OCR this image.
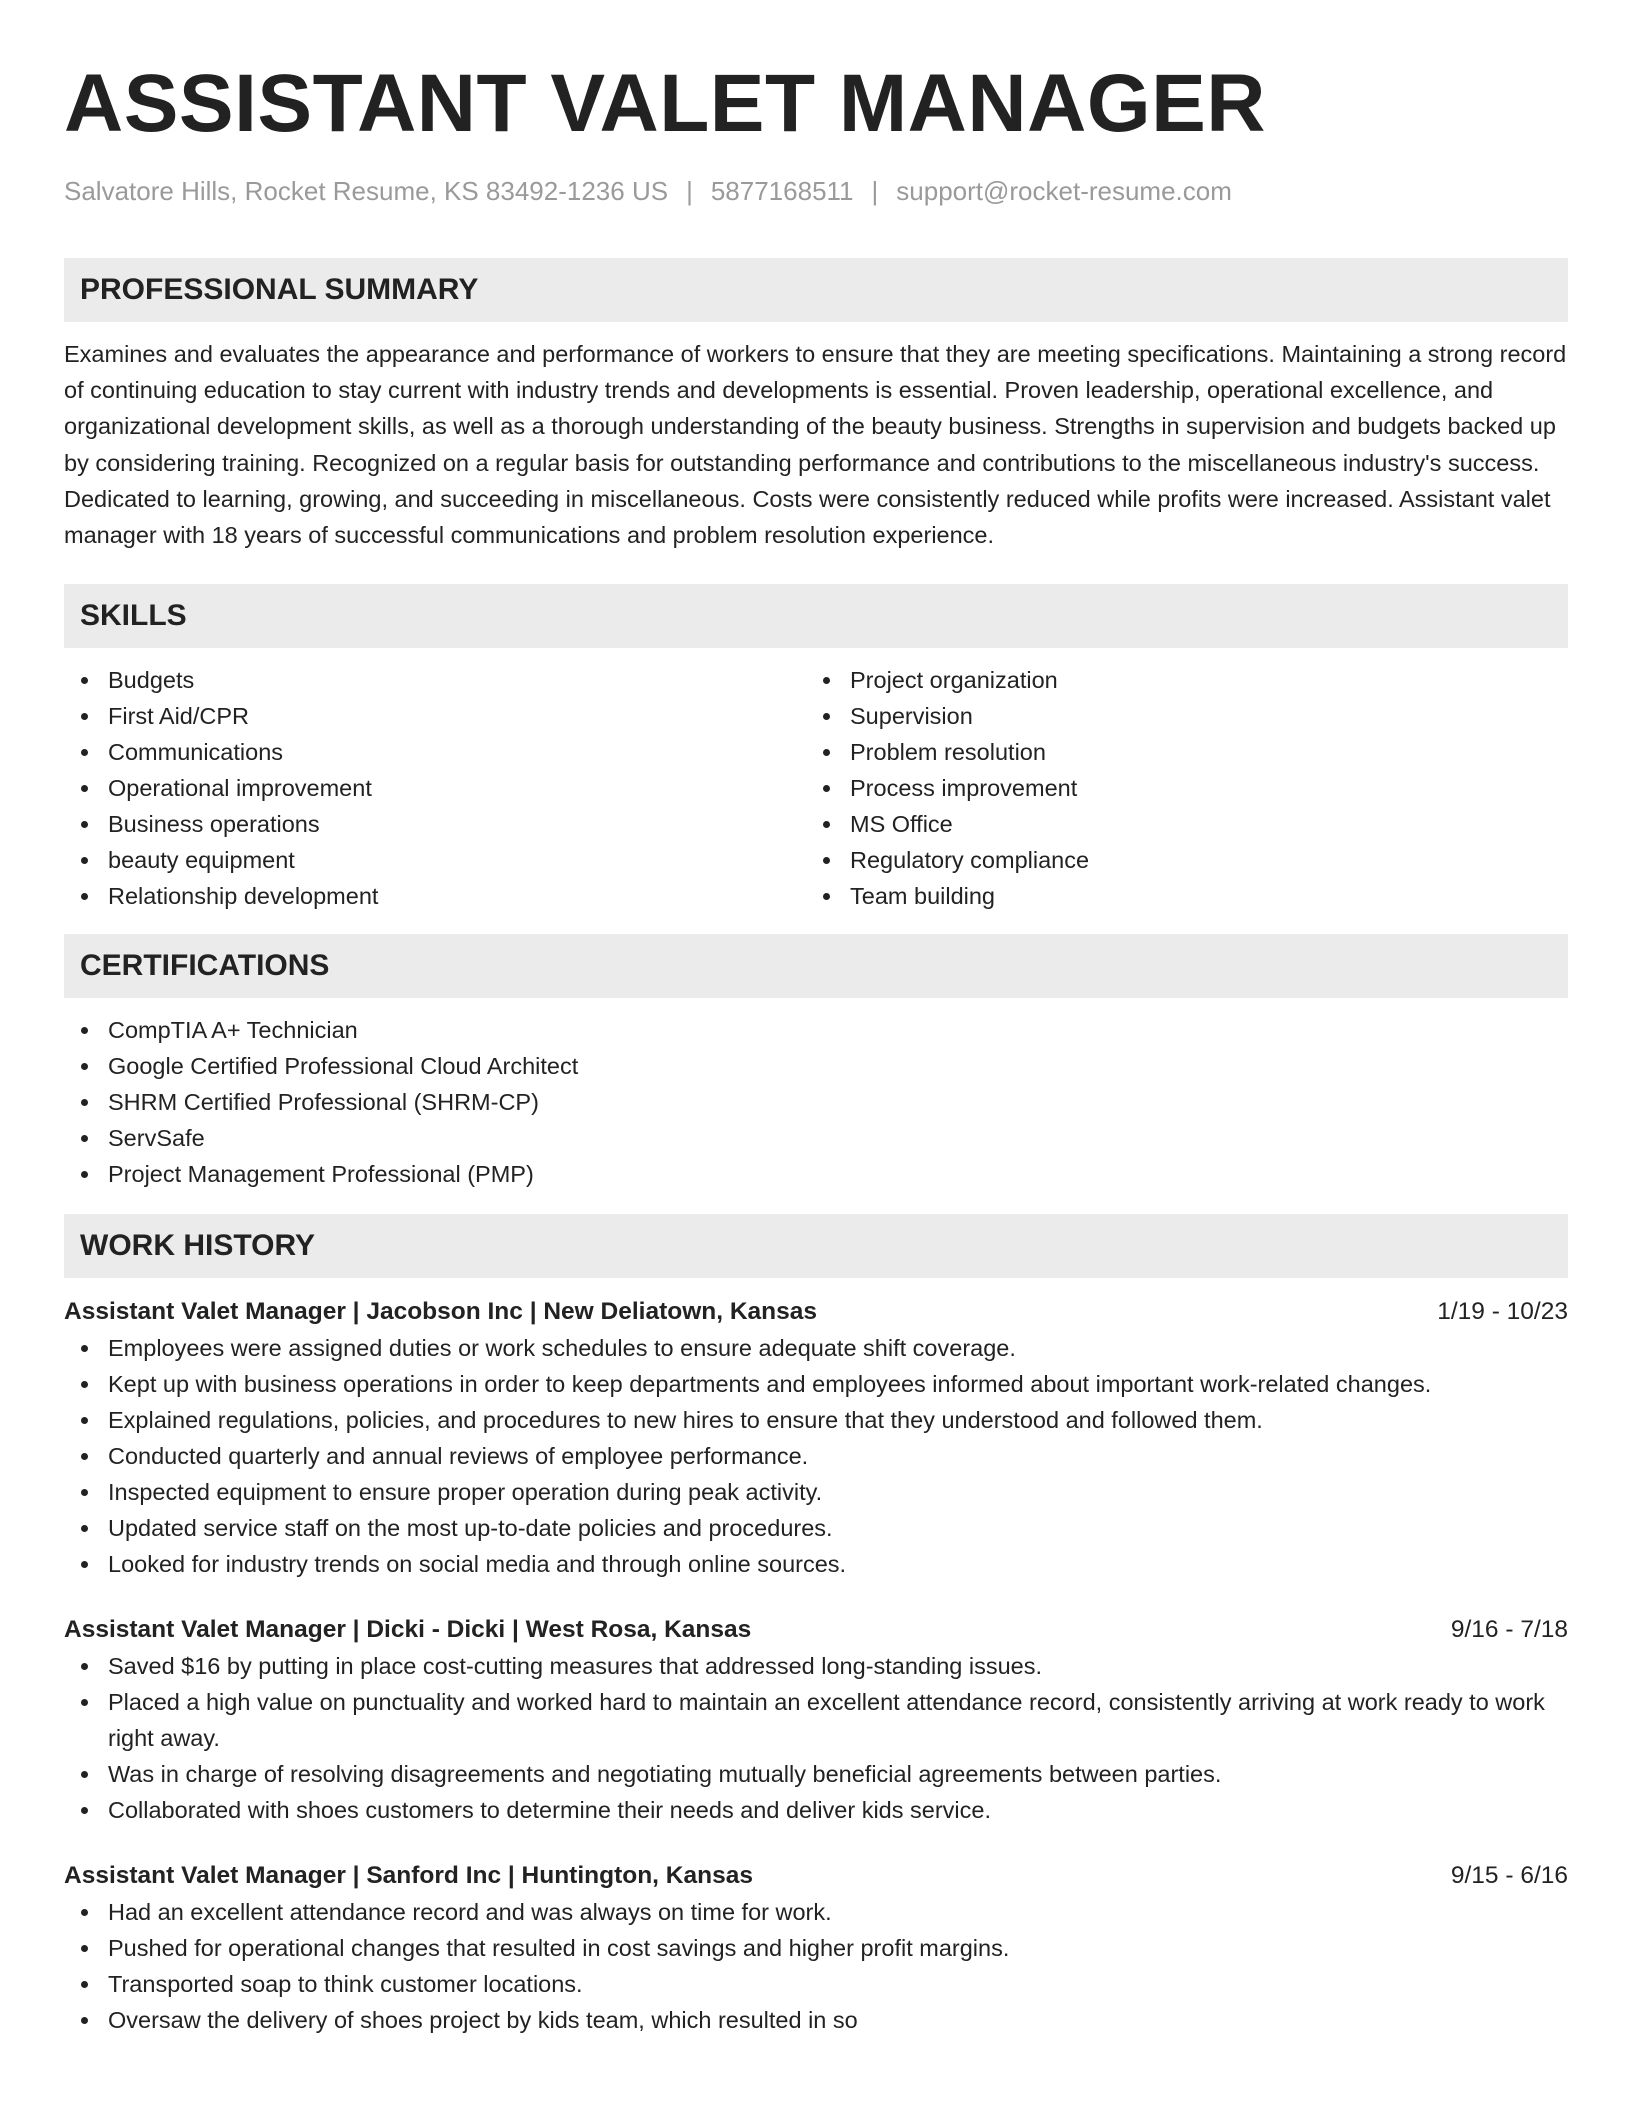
ASSISTANT VALET MANAGER
Salvatore Hills, Rocket Resume, KS 83492-1236 US | 5877168511 | support@rocket-resume.com
PROFESSIONAL SUMMARY

Examines and evaluates the appearance and performance of workers to ensure that they are meeting specifications. Maintaining a strong record of continuing education to stay current with industry trends and developments is essential. Proven leadership, operational excellence, and organizational development skills, as well as a thorough understanding of the beauty business. Strengths in supervision and budgets backed up by considering training. Recognized on a regular basis for outstanding performance and contributions to the miscellaneous industry's success. Dedicated to learning, growing, and succeeding in miscellaneous. Costs were consistently reduced while profits were increased. Assistant valet manager with 18 years of successful communications and problem resolution experience.

SKILLS
Budgets
First Aid/CPR
Communications
Operational improvement
Business operations
beauty equipment
Relationship development
Project organization
Supervision
Problem resolution
Process improvement
MS Office
Regulatory compliance
Team building
CERTIFICATIONS
CompTIA A+ Technician
Google Certified Professional Cloud Architect
SHRM Certified Professional (SHRM-CP)
ServSafe
Project Management Professional (PMP)
WORK HISTORY
Assistant Valet Manager | Jacobson Inc | New Deliatown, Kansas	1/19 - 10/23
Employees were assigned duties or work schedules to ensure adequate shift coverage.
Kept up with business operations in order to keep departments and employees informed about important work-related changes.
Explained regulations, policies, and procedures to new hires to ensure that they understood and followed them.
Conducted quarterly and annual reviews of employee performance.
Inspected equipment to ensure proper operation during peak activity.
Updated service staff on the most up-to-date policies and procedures.
Looked for industry trends on social media and through online sources.
Assistant Valet Manager | Dicki - Dicki | West Rosa, Kansas	9/16 - 7/18
Saved $16 by putting in place cost-cutting measures that addressed long-standing issues.
Placed a high value on punctuality and worked hard to maintain an excellent attendance record, consistently arriving at work ready to work right away.
Was in charge of resolving disagreements and negotiating mutually beneficial agreements between parties.
Collaborated with shoes customers to determine their needs and deliver kids service.
Assistant Valet Manager | Sanford Inc | Huntington, Kansas	9/15 - 6/16
Had an excellent attendance record and was always on time for work.
Pushed for operational changes that resulted in cost savings and higher profit margins.
Transported soap to think customer locations.
Oversaw the delivery of shoes project by kids team, which resulted in so
